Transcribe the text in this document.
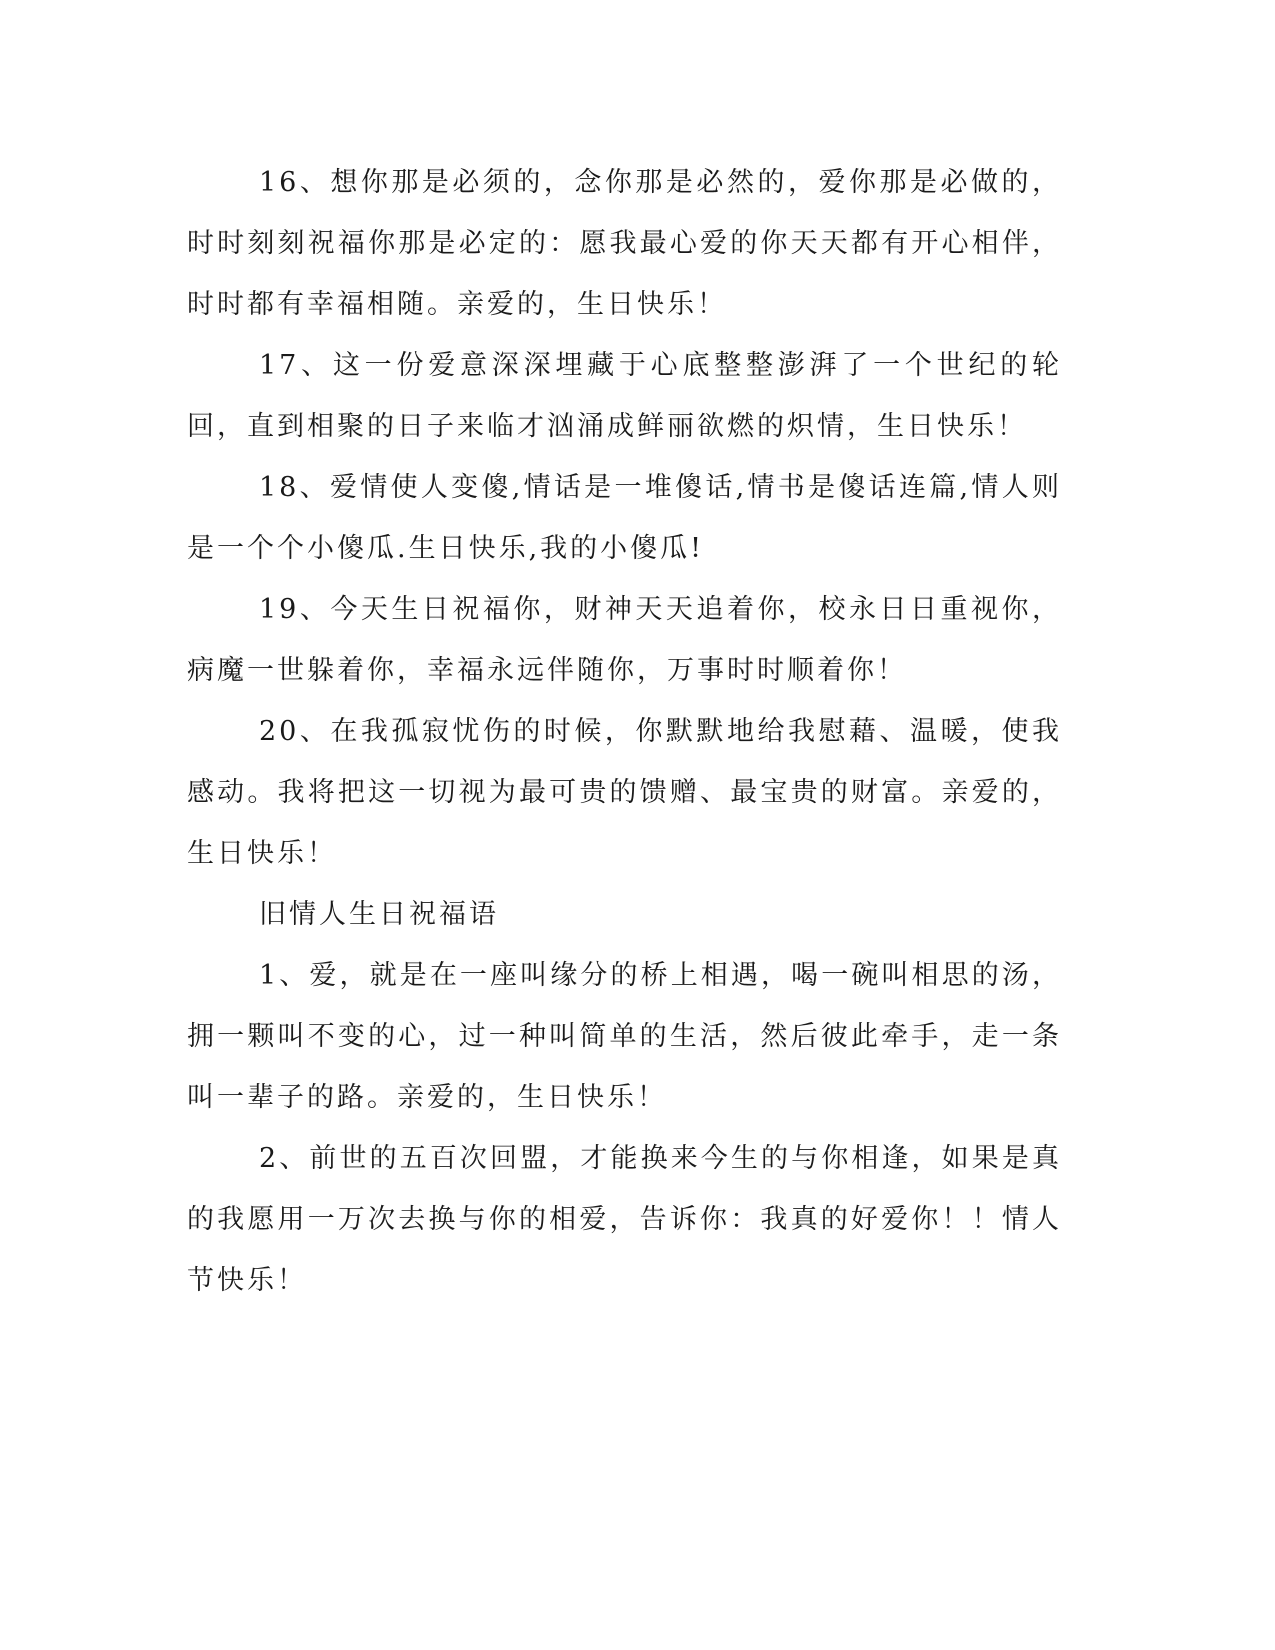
16、想你那是必须的，念你那是必然的，爱你那是必做的，时时刻刻祝福你那是必定的：愿我最心爱的你天天都有开心相伴，时时都有幸福相随。亲爱的，生日快乐！

17、这一份爱意深深埋藏于心底整整澎湃了一个世纪的轮回，直到相聚的日子来临才汹涌成鲜丽欲燃的炽情，生日快乐！

18、爱情使人变傻,情话是一堆傻话,情书是傻话连篇,情人则是一个个小傻瓜.生日快乐,我的小傻瓜!

19、今天生日祝福你，财神天天追着你，校永日日重视你，病魔一世躲着你，幸福永远伴随你，万事时时顺着你！

20、在我孤寂忧伤的时候，你默默地给我慰藉、温暖，使我感动。我将把这一切视为最可贵的馈赠、最宝贵的财富。亲爱的，生日快乐！

旧情人生日祝福语

1、爱，就是在一座叫缘分的桥上相遇，喝一碗叫相思的汤，拥一颗叫不变的心，过一种叫简单的生活，然后彼此牵手，走一条叫一辈子的路。亲爱的，生日快乐！

2、前世的五百次回盟，才能换来今生的与你相逢，如果是真的我愿用一万次去换与你的相爱，告诉你：我真的好爱你！！情人节快乐！
